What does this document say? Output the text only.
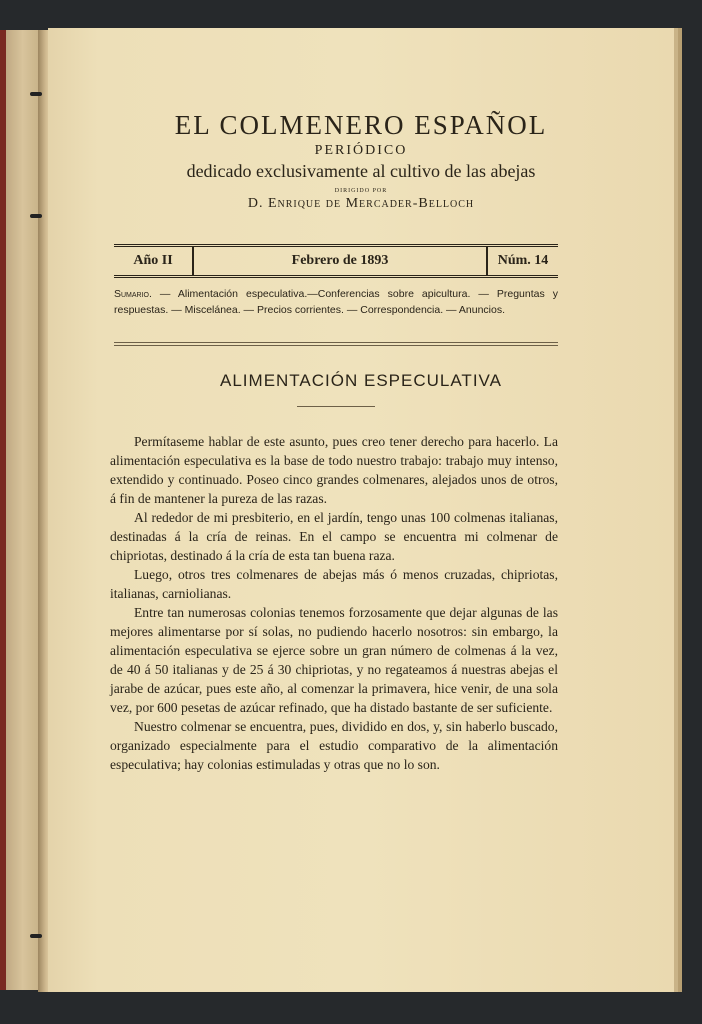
EL COLMENERO ESPAÑOL
PERIÓDICO
dedicado exclusivamente al cultivo de las abejas
DIRIGIDO POR
D. Enrique de Mercader-Belloch
Año II	Febrero de 1893	Núm. 14
Sumario. — Alimentación especulativa.—Conferencias sobre apicultura. — Preguntas y respuestas. — Miscelánea. — Precios corrientes. — Correspondencia. — Anuncios.
ALIMENTACIÓN ESPECULATIVA

Permítaseme hablar de este asunto, pues creo tener derecho para hacerlo. La alimentación especulativa es la base de todo nuestro trabajo: trabajo muy intenso, extendido y continuado. Poseo cinco grandes colmenares, alejados unos de otros, á fin de mantener la pureza de las razas.

Al rededor de mi presbiterio, en el jardín, tengo unas 100 colmenas italianas, destinadas á la cría de reinas. En el campo se encuentra mi colmenar de chipriotas, destinado á la cría de esta tan buena raza.

Luego, otros tres colmenares de abejas más ó menos cruzadas, chipriotas, italianas, carniolianas.

Entre tan numerosas colonias tenemos forzosamente que dejar algunas de las mejores alimentarse por sí solas, no pudiendo hacerlo nosotros: sin embargo, la alimentación especulativa se ejerce sobre un gran número de colmenas á la vez, de 40 á 50 italianas y de 25 á 30 chipriotas, y no regateamos á nuestras abejas el jarabe de azúcar, pues este año, al comenzar la primavera, hice venir, de una sola vez, por 600 pesetas de azúcar refinado, que ha distado bastante de ser suficiente.

Nuestro colmenar se encuentra, pues, dividido en dos, y, sin haberlo buscado, organizado especialmente para el estudio comparativo de la alimentación especulativa; hay colonias estimuladas y otras que no lo son.
